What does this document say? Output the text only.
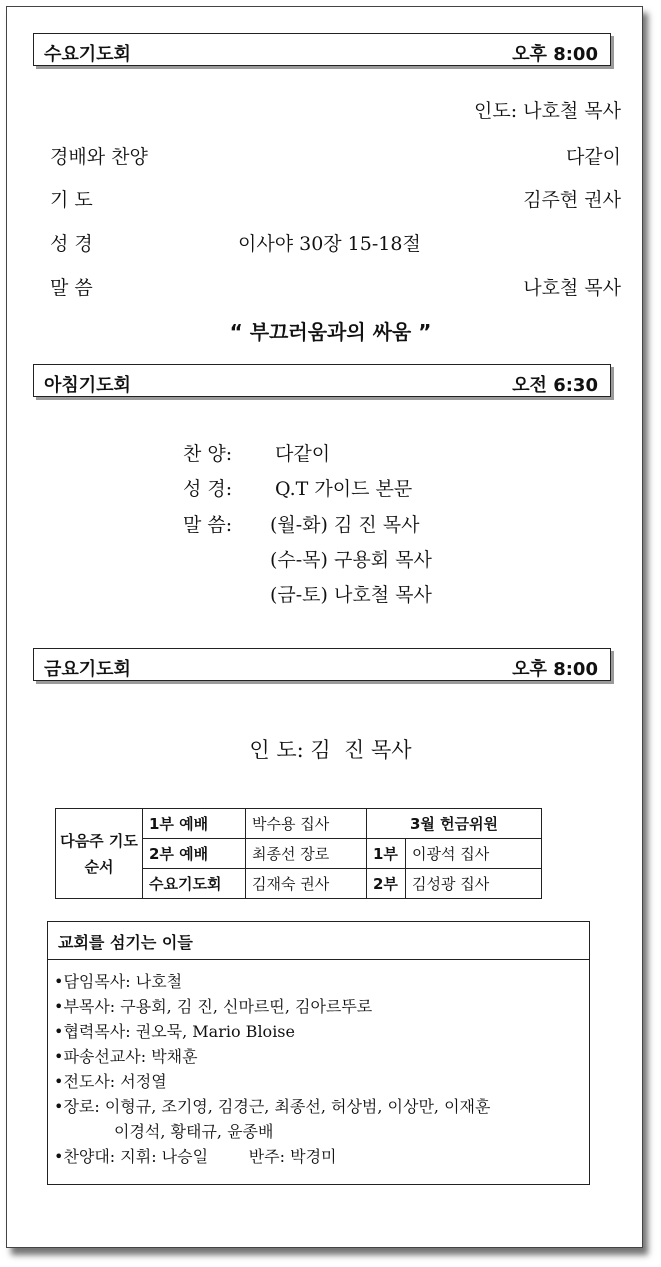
수요기도회	오후 8:00
인도: 나호철 목사
경배와 찬양	다같이
기 도	김주현 권사
성 경	이사야 30장 15-18절
말 씀	나호철 목사
“ 부끄러움과의 싸움 ”
아침기도회	오전 6:30
찬 양: 다같이
성 경: Q.T 가이드 본문
말 씀: (월-화) 김 진 목사
(수-목) 구용회 목사
(금-토) 나호철 목사
금요기도회	오후 8:00
인 도: 김  진 목사
다음주 기도순서	1부 예배	박수용 집사	3월 헌금위원	
	2부 예배	최종선 장로	1부	이광석 집사
	수요기도회	김재숙 권사	2부	김성광 집사
교회를 섬기는 이들
•담임목사: 나호철
•부목사: 구용회, 김 진, 신마르띤, 김아르뚜로
•협력목사: 권오묵, Mario Bloise
•파송선교사: 박채훈
•전도사: 서정열
•장로: 이형규, 조기영, 김경근, 최종선, 허상범, 이상만, 이재훈
이경석, 황태규, 윤종배
•찬양대: 지휘: 나승일        반주: 박경미
